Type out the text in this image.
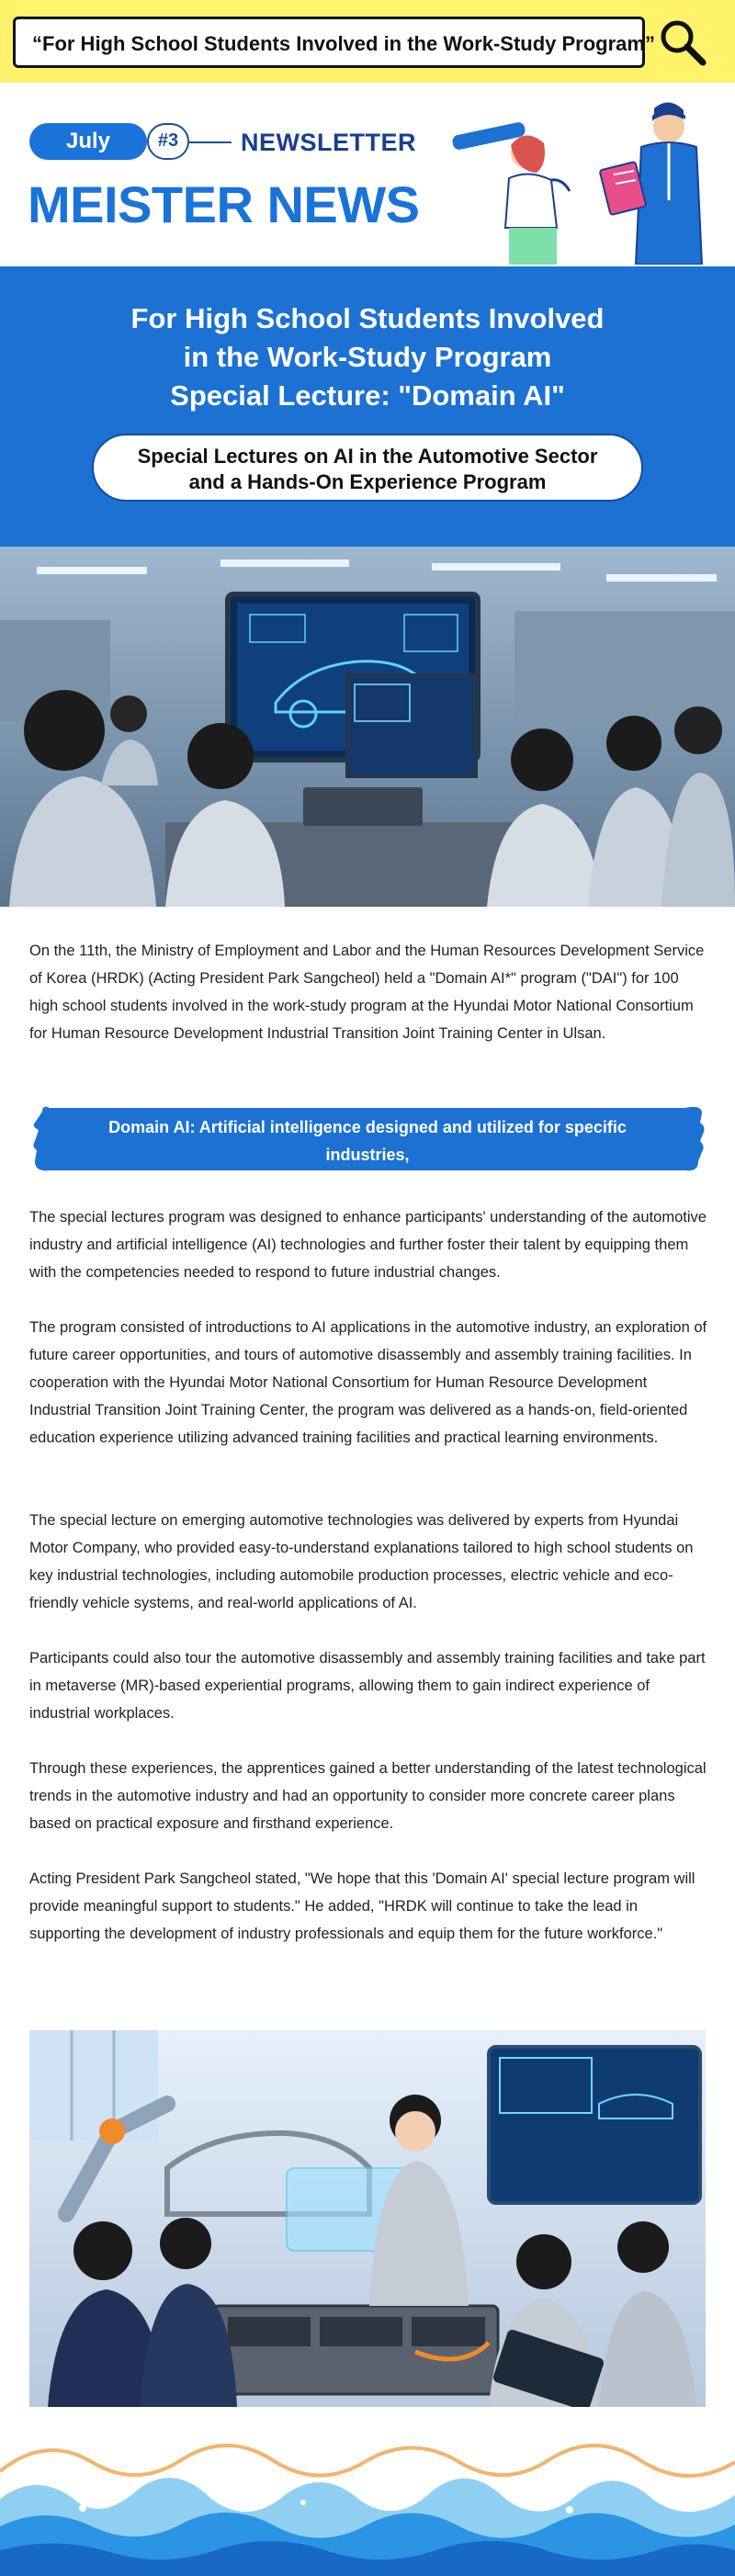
“For High School Students Involved in the Work-Study Program”
July	#3	NEWSLETTER
MEISTER NEWS
For High School Students Involved
in the Work-Study Program
Special Lecture: "Domain AI"
Special Lectures on AI in the Automotive Sector
and a Hands-On Experience Program
On the 11th, the Ministry of Employment and Labor and the Human Resources Development Service of Korea (HRDK) (Acting President Park Sangcheol) held a "Domain AI*" program ("DAI") for 100 high school students involved in the work-study program at the Hyundai Motor National Consortium for Human Resource Development Industrial Transition Joint Training Center in Ulsan.
Domain AI: Artificial intelligence designed and utilized for specific industries,
occupations, or professional fields.
The special lectures program was designed to enhance participants' understanding of the automotive industry and artificial intelligence (AI) technologies and further foster their talent by equipping them with the competencies needed to respond to future industrial changes.
The program consisted of introductions to AI applications in the automotive industry, an exploration of future career opportunities, and tours of automotive disassembly and assembly training facilities. In cooperation with the Hyundai Motor National Consortium for Human Resource Development Industrial Transition Joint Training Center, the program was delivered as a hands-on, field-oriented education experience utilizing advanced training facilities and practical learning environments.
The special lecture on emerging automotive technologies was delivered by experts from Hyundai Motor Company, who provided easy-to-understand explanations tailored to high school students on key industrial technologies, including automobile production processes, electric vehicle and eco-friendly vehicle systems, and real-world applications of AI.
Participants could also tour the automotive disassembly and assembly training facilities and take part in metaverse (MR)-based experiential programs, allowing them to gain indirect experience of industrial workplaces.
Through these experiences, the apprentices gained a better understanding of the latest technological trends in the automotive industry and had an opportunity to consider more concrete career plans based on practical exposure and firsthand experience.
Acting President Park Sangcheol stated, "We hope that this 'Domain AI' special lecture program will provide meaningful support to students." He added, "HRDK will continue to take the lead in supporting the development of industry professionals and equip them for the future workforce."
